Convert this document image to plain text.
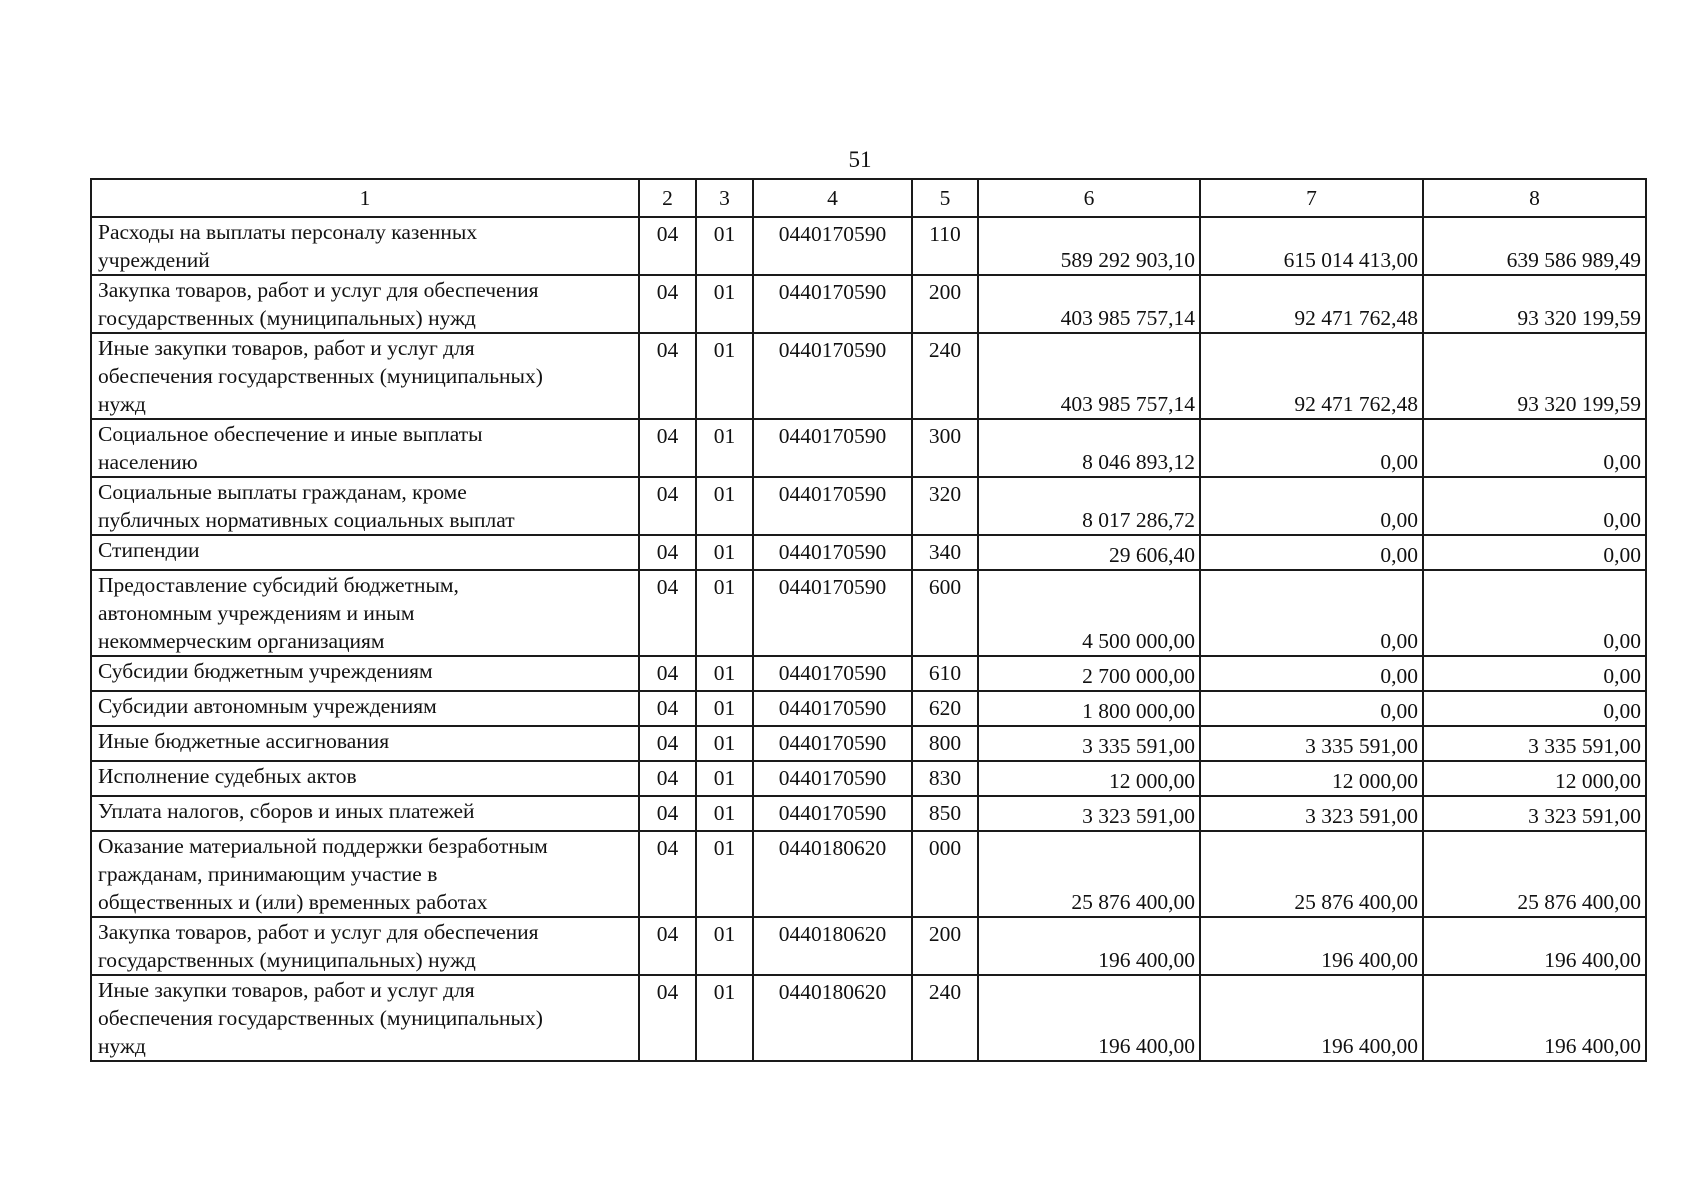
51
1	2	3	4	5	6	7	8
Расходы на выплаты персоналу казенных
учреждений	04	01	0440170590	110	589 292 903,10	615 014 413,00	639 586 989,49
Закупка товаров, работ и услуг для обеспечения
государственных (муниципальных) нужд	04	01	0440170590	200	403 985 757,14	92 471 762,48	93 320 199,59
Иные закупки товаров, работ и услуг для
обеспечения государственных (муниципальных)
нужд	04	01	0440170590	240	403 985 757,14	92 471 762,48	93 320 199,59
Социальное обеспечение и иные выплаты
населению	04	01	0440170590	300	8 046 893,12	0,00	0,00
Социальные выплаты гражданам, кроме
публичных нормативных социальных выплат	04	01	0440170590	320	8 017 286,72	0,00	0,00
Стипендии	04	01	0440170590	340	29 606,40	0,00	0,00
Предоставление субсидий бюджетным,
автономным учреждениям и иным
некоммерческим организациям	04	01	0440170590	600	4 500 000,00	0,00	0,00
Субсидии бюджетным учреждениям	04	01	0440170590	610	2 700 000,00	0,00	0,00
Субсидии автономным учреждениям	04	01	0440170590	620	1 800 000,00	0,00	0,00
Иные бюджетные ассигнования	04	01	0440170590	800	3 335 591,00	3 335 591,00	3 335 591,00
Исполнение судебных актов	04	01	0440170590	830	12 000,00	12 000,00	12 000,00
Уплата налогов, сборов и иных платежей	04	01	0440170590	850	3 323 591,00	3 323 591,00	3 323 591,00
Оказание материальной поддержки безработным
гражданам, принимающим участие в
общественных и (или) временных работах	04	01	0440180620	000	25 876 400,00	25 876 400,00	25 876 400,00
Закупка товаров, работ и услуг для обеспечения
государственных (муниципальных) нужд	04	01	0440180620	200	196 400,00	196 400,00	196 400,00
Иные закупки товаров, работ и услуг для
обеспечения государственных (муниципальных)
нужд	04	01	0440180620	240	196 400,00	196 400,00	196 400,00
